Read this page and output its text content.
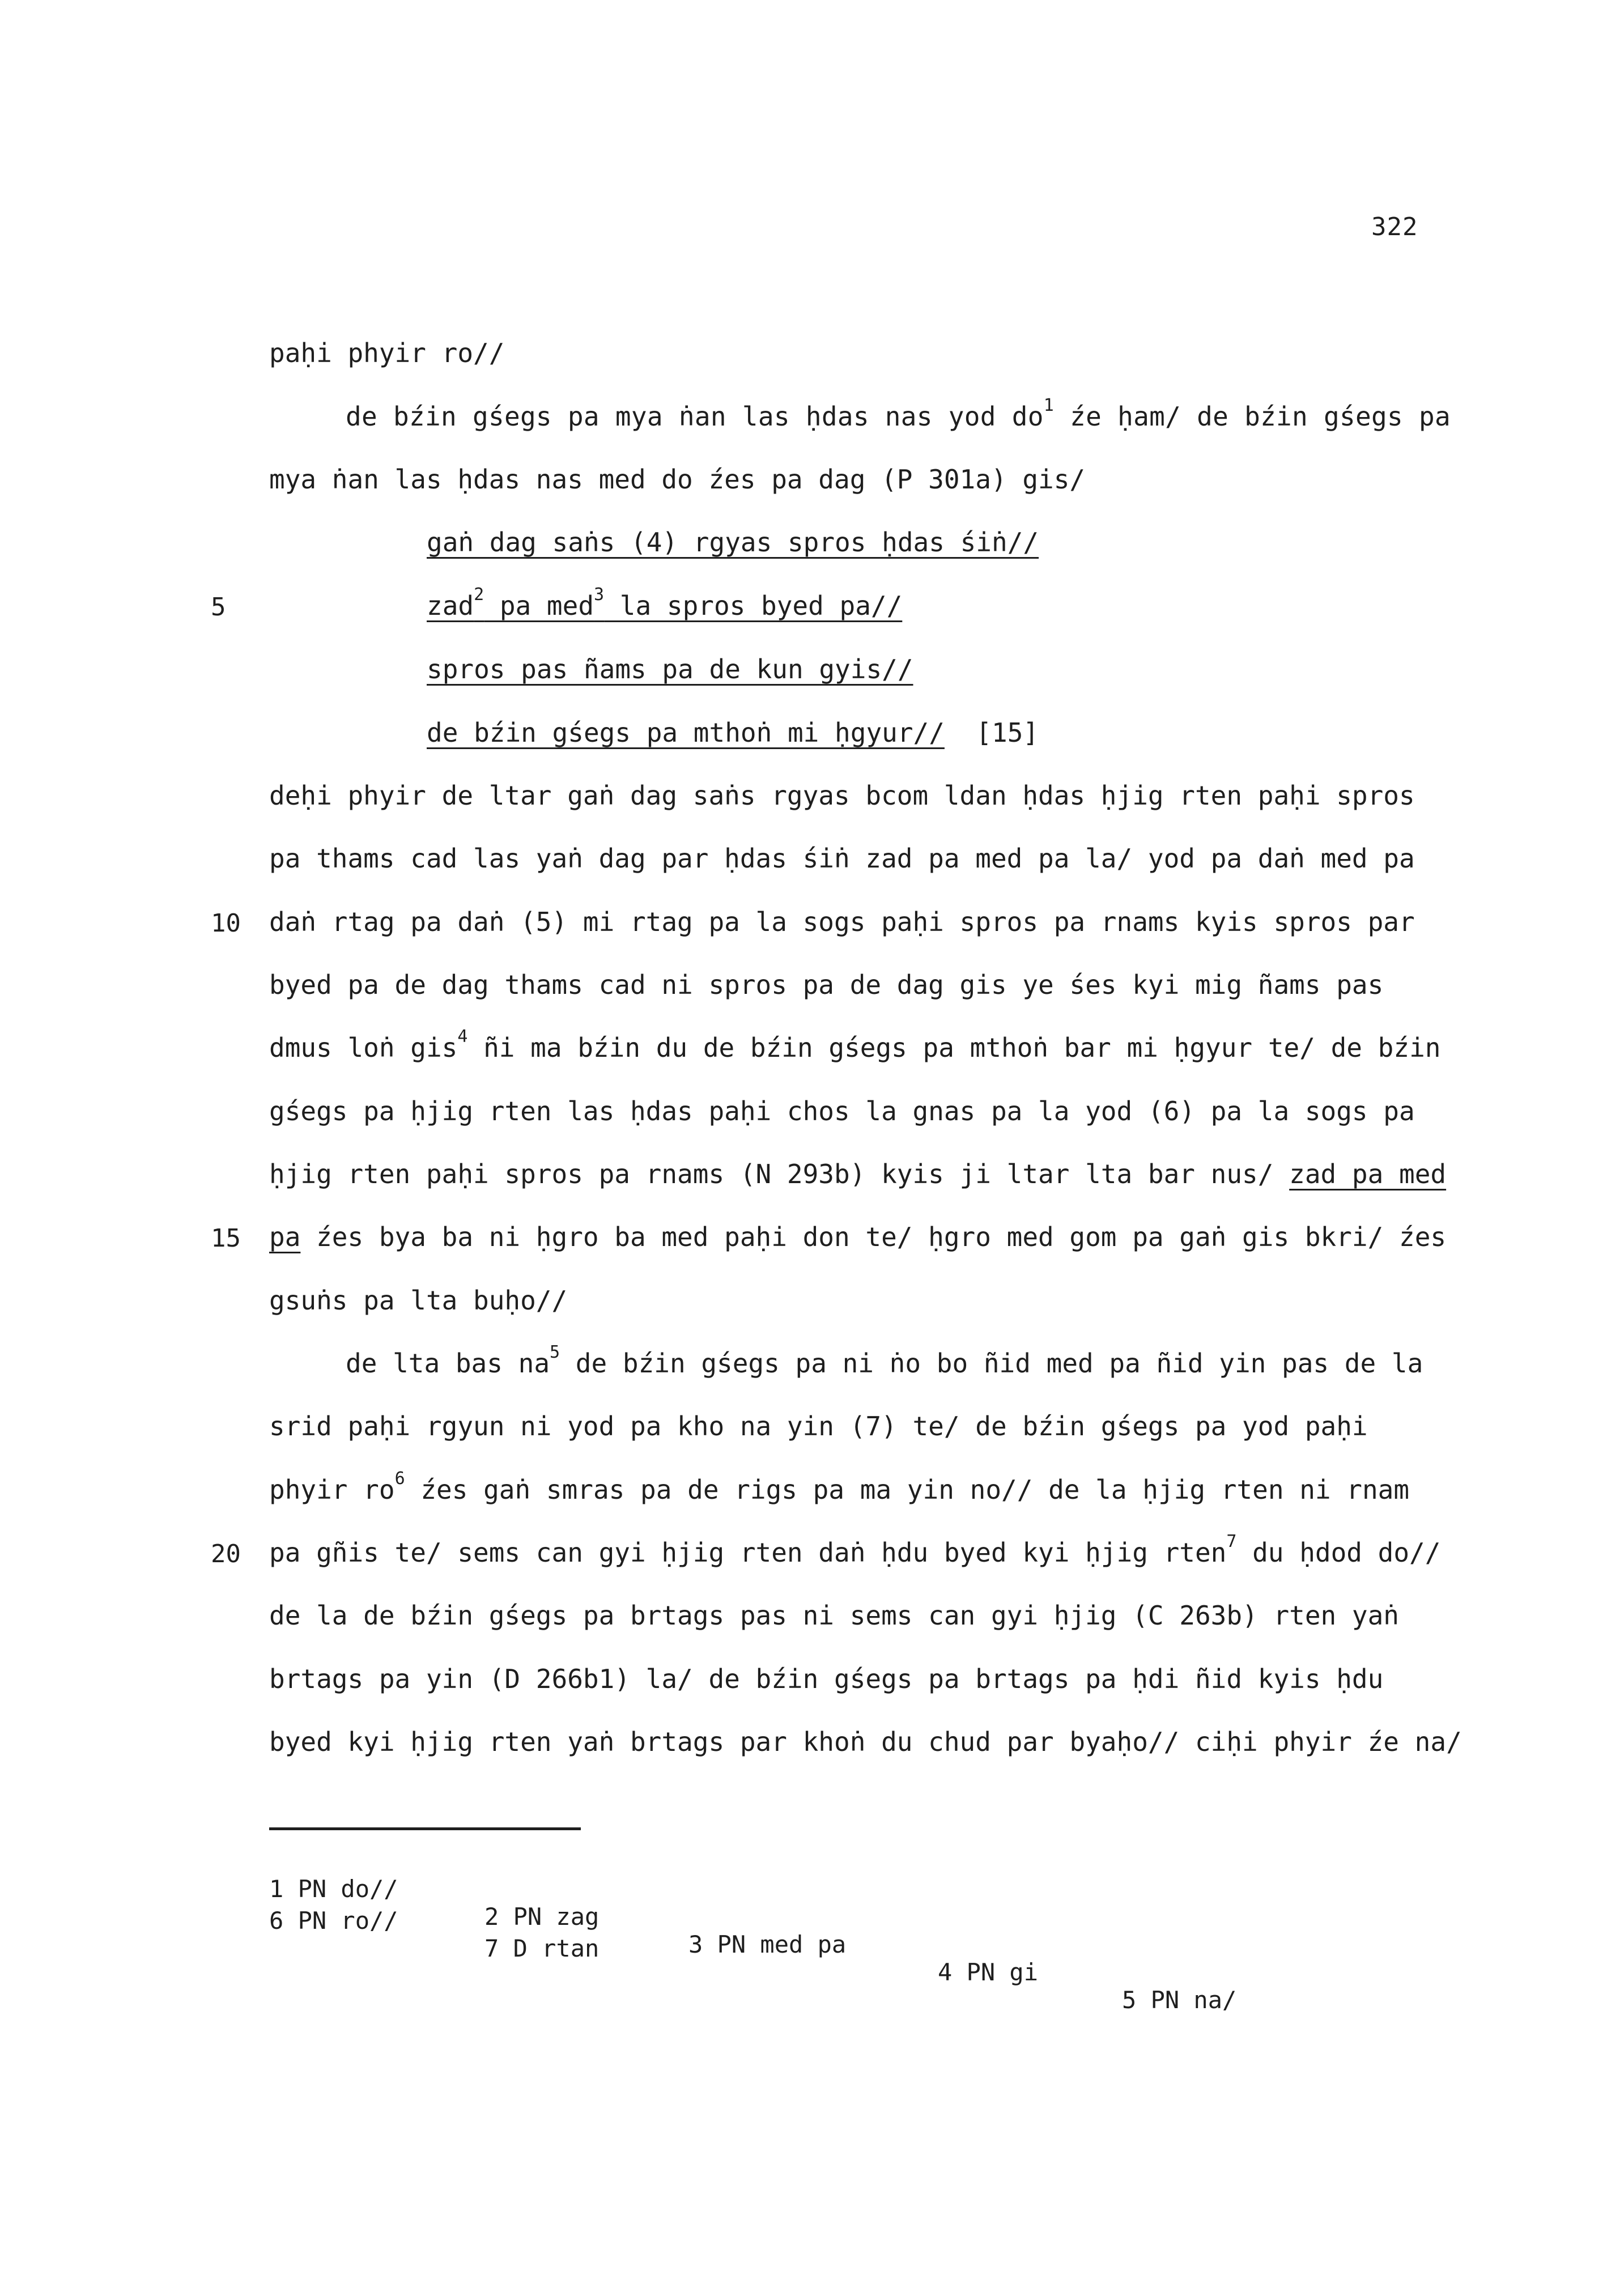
322
paḥi phyir ro//
de bźin gśegs pa mya ṅan las ḥdas nas yod $do^1$ źe ḥam/ de bźin gśegs pa
mya ṅan las ḥdas nas med do źes pa dag (P 301a) gis/
gaṅ dag saṅs (4) rgyas spros ḥdas śiṅ//
5	zad$^2$ pa med$^3$ la spros byed pa//
spros pas ñams pa de kun gyis//
de bźin gśegs pa mthoṅ mi ḥgyur// [15]
deḥi phyir de ltar gaṅ dag saṅs rgyas bcom ldan ḥdas ḥjig rten paḥi spros
pa thams cad las yaṅ dag par ḥdas śiṅ zad pa med pa la/ yod pa daṅ med pa
10 daṅ rtag pa daṅ (5) mi rtag pa la sogs paḥi spros pa rnams kyis spros par
byed pa de dag thams cad ni spros pa de dag gis ye śes kyi mig ñams pas
dmus loṅ gis$^4$ ñi ma bźin du de bźin gśegs pa mthoṅ bar mi ḥgyur te/ de bźin
gśegs pa ḥjig rten las ḥdas paḥi chos la gnas pa la yod (6) pa la sogs pa
ḥjig rten paḥi spros pa rnams (N 293b) kyis ji ltar lta bar nus/ zad pa med
15 pa źes bya ba ni ḥgro ba med paḥi don te/ ḥgro med gom pa gaṅ gis bkri/ źes
gsuṅs pa lta buḥo//
de lta bas $na^5$ de bźin gśegs pa ni ṅo bo ñid med pa ñid yin pas de la
srid paḥi rgyun ni yod pa kho na yin (7) te/ de bźin gśegs pa yod paḥi
phyir $ro^6$ źes gaṅ smras pa de rigs pa ma yin no// de la ḥjig rten ni rnam
20 pa gñis te/ sems can gyi ḥjig rten daṅ ḥdu byed kyi ḥjig rten$^7$ du ḥdod do//
de la de bźin gśegs pa brtags pas ni sems can gyi ḥjig (C 263b) rten yaṅ
brtags pa yin (D 266b1) la/ de bźin gśegs pa brtags pa ḥdi ñid kyis ḥdu
byed kyi ḥjig rten yaṅ brtags par khoṅ du chud par byaḥo// ciḥi phyir źe na/

1 PN do//

2 PN zag

3 PN med pa

4 PN gi

5 PN na/

6 PN ro//

7 D rtan
